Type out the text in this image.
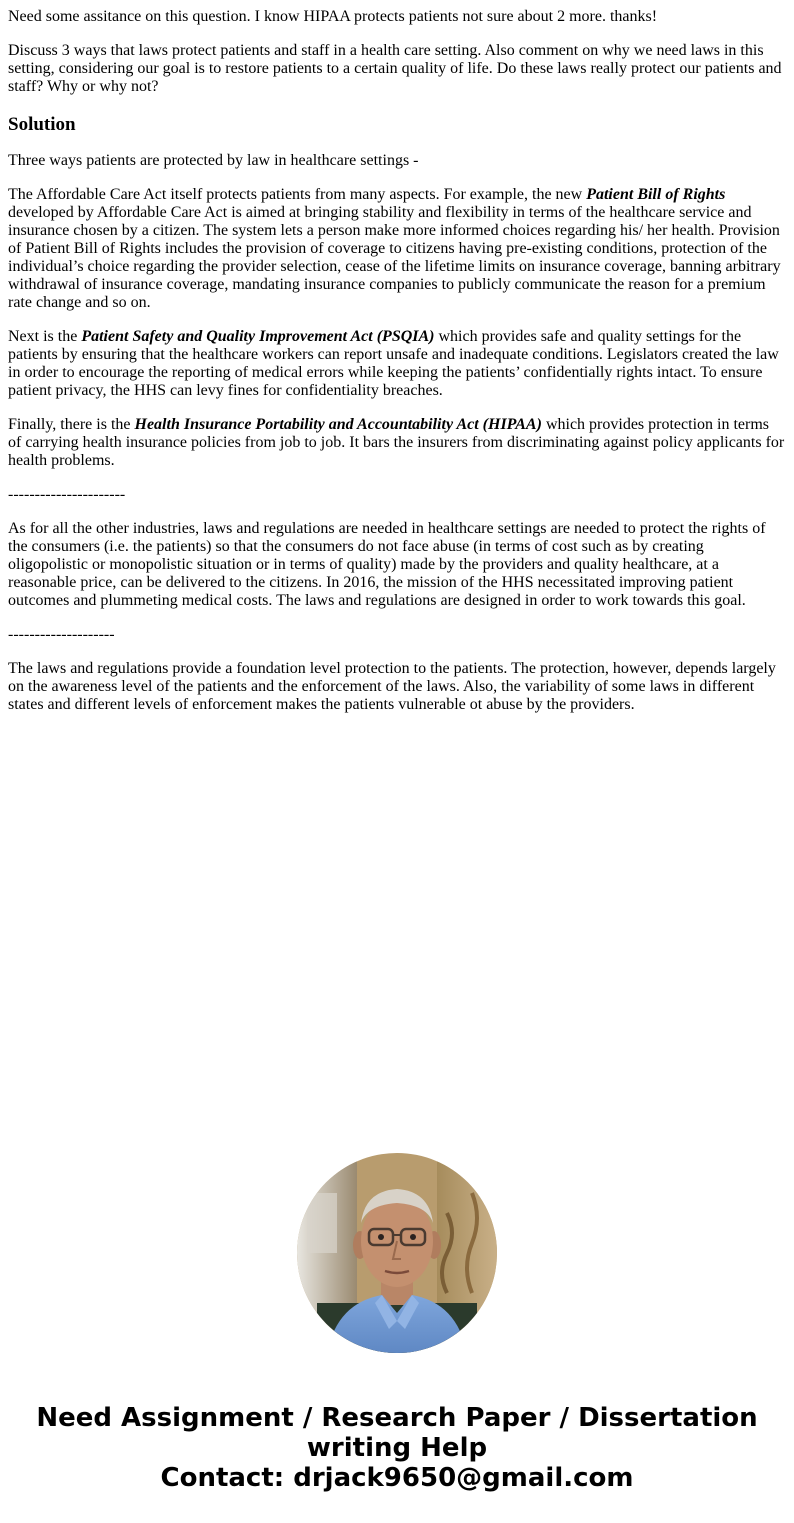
Need some assitance on this question. I know HIPAA protects patients not sure about 2 more. thanks!

Discuss 3 ways that laws protect patients and staff in a health care setting. Also comment on why we need laws in this setting, considering our goal is to restore patients to a certain quality of life. Do these laws really protect our patients and staff? Why or why not?

Solution

Three ways patients are protected by law in healthcare settings -

The Affordable Care Act itself protects patients from many aspects. For example, the new Patient Bill of Rights developed by Affordable Care Act is aimed at bringing stability and flexibility in terms of the healthcare service and insurance chosen by a citizen. The system lets a person make more informed choices regarding his/ her health. Provision of Patient Bill of Rights includes the provision of coverage to citizens having pre-existing conditions, protection of the individual’s choice regarding the provider selection, cease of the lifetime limits on insurance coverage, banning arbitrary withdrawal of insurance coverage, mandating insurance companies to publicly communicate the reason for a premium rate change and so on.

Next is the Patient Safety and Quality Improvement Act (PSQIA) which provides safe and quality settings for the patients by ensuring that the healthcare workers can report unsafe and inadequate conditions. Legislators created the law in order to encourage the reporting of medical errors while keeping the patients’ confidentially rights intact. To ensure patient privacy, the HHS can levy fines for confidentiality breaches.

Finally, there is the Health Insurance Portability and Accountability Act (HIPAA) which provides protection in terms of carrying health insurance policies from job to job. It bars the insurers from discriminating against policy applicants for health problems.

----------------------

As for all the other industries, laws and regulations are needed in healthcare settings are needed to protect the rights of the consumers (i.e. the patients) so that the consumers do not face abuse (in terms of cost such as by creating oligopolistic or monopolistic situation or in terms of quality) made by the providers and quality healthcare, at a reasonable price, can be delivered to the citizens. In 2016, the mission of the HHS necessitated improving patient outcomes and plummeting medical costs. The laws and regulations are designed in order to work towards this goal.

--------------------

The laws and regulations provide a foundation level protection to the patients. The protection, however, depends largely on the awareness level of the patients and the enforcement of the laws. Also, the variability of some laws in different states and different levels of enforcement makes the patients vulnerable ot abuse by the providers.

Need Assignment / Research Paper / Dissertation
writing Help
Contact: drjack9650@gmail.com
